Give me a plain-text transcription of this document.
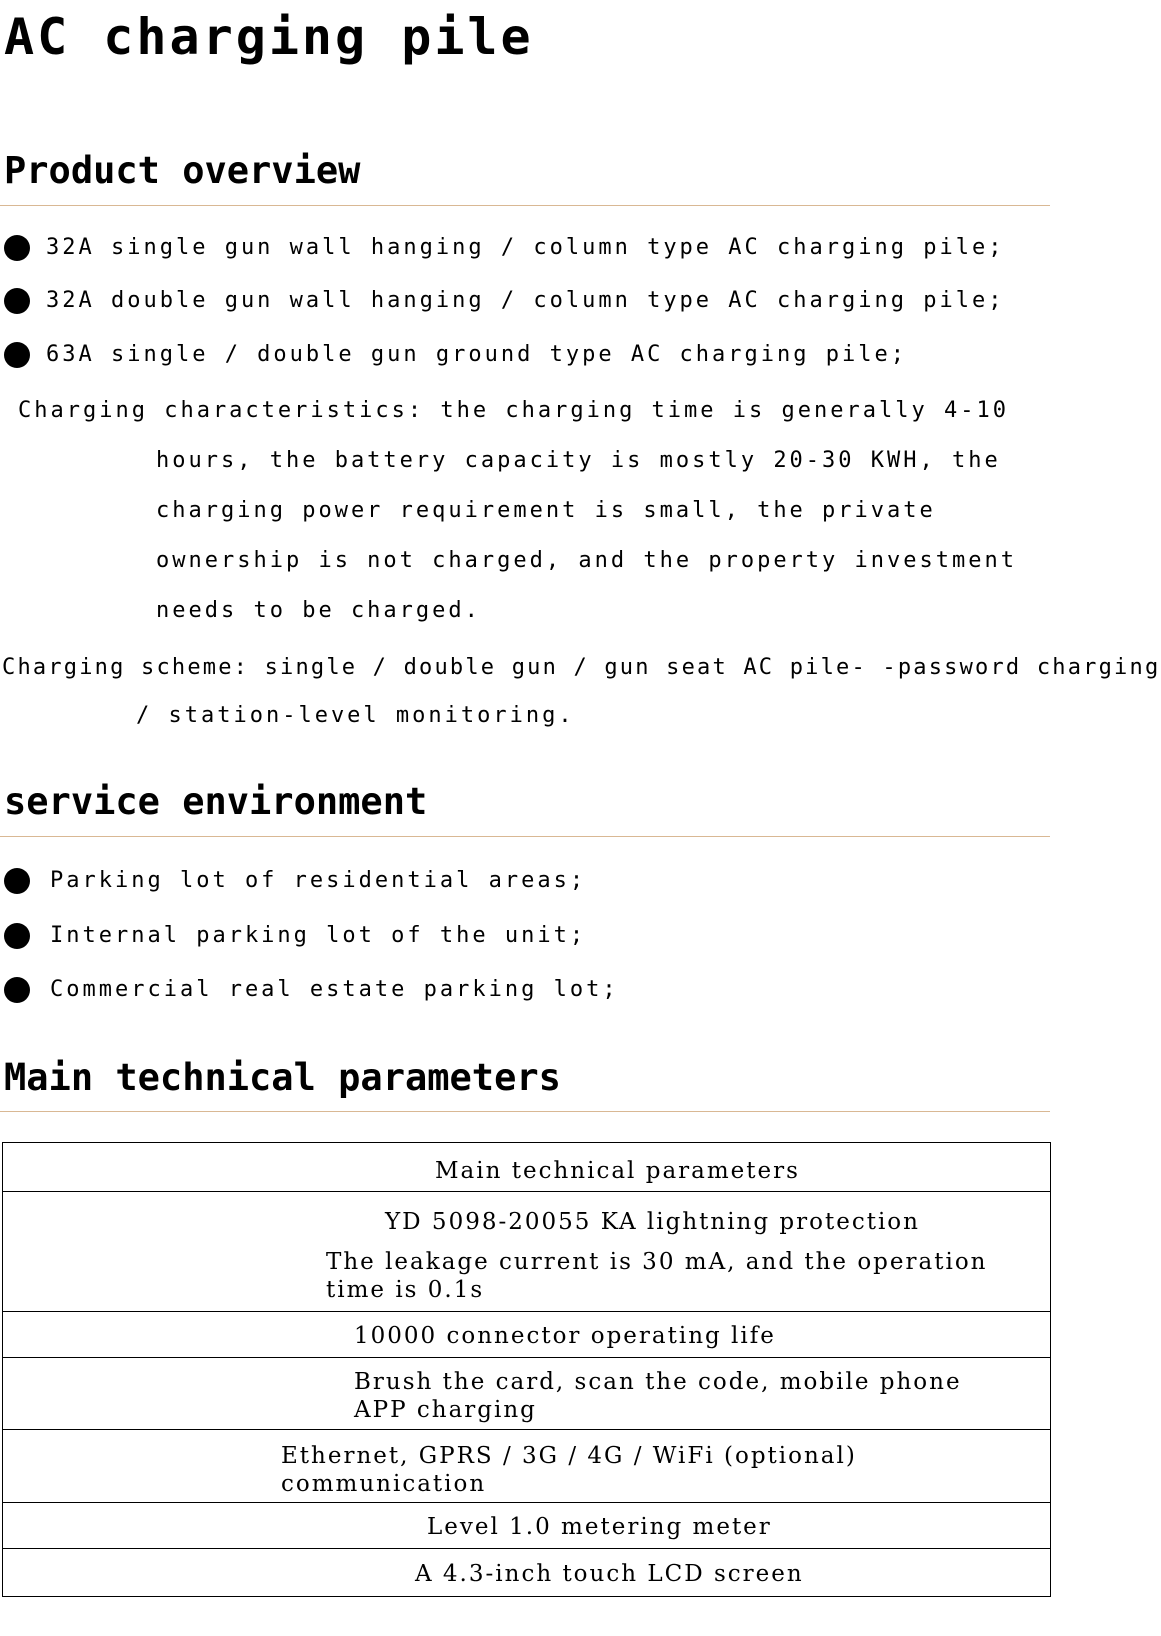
AC charging pile
Product overview
32A single gun wall hanging / column type AC charging pile;
32A double gun wall hanging / column type AC charging pile;
63A single / double gun ground type AC charging pile;
Charging characteristics: the charging time is generally 4-10
hours, the battery capacity is mostly 20-30 KWH, the
charging power requirement is small, the private
ownership is not charged, and the property investment
needs to be charged.
Charging scheme: single / double gun / gun seat AC pile- -password charging
/ station-level monitoring.
service environment
Parking lot of residential areas;
Internal parking lot of the unit;
Commercial real estate parking lot;
Main technical parameters
Main technical parameters

YD 5098-20055 KA lightning protection
The leakage current is 30 mA, and the operation
time is 0.1s

10000 connector operating life

Brush the card, scan the code, mobile phone
APP charging

Ethernet, GPRS / 3G / 4G / WiFi (optional)
communication

Level 1.0 metering meter

A 4.3-inch touch LCD screen
